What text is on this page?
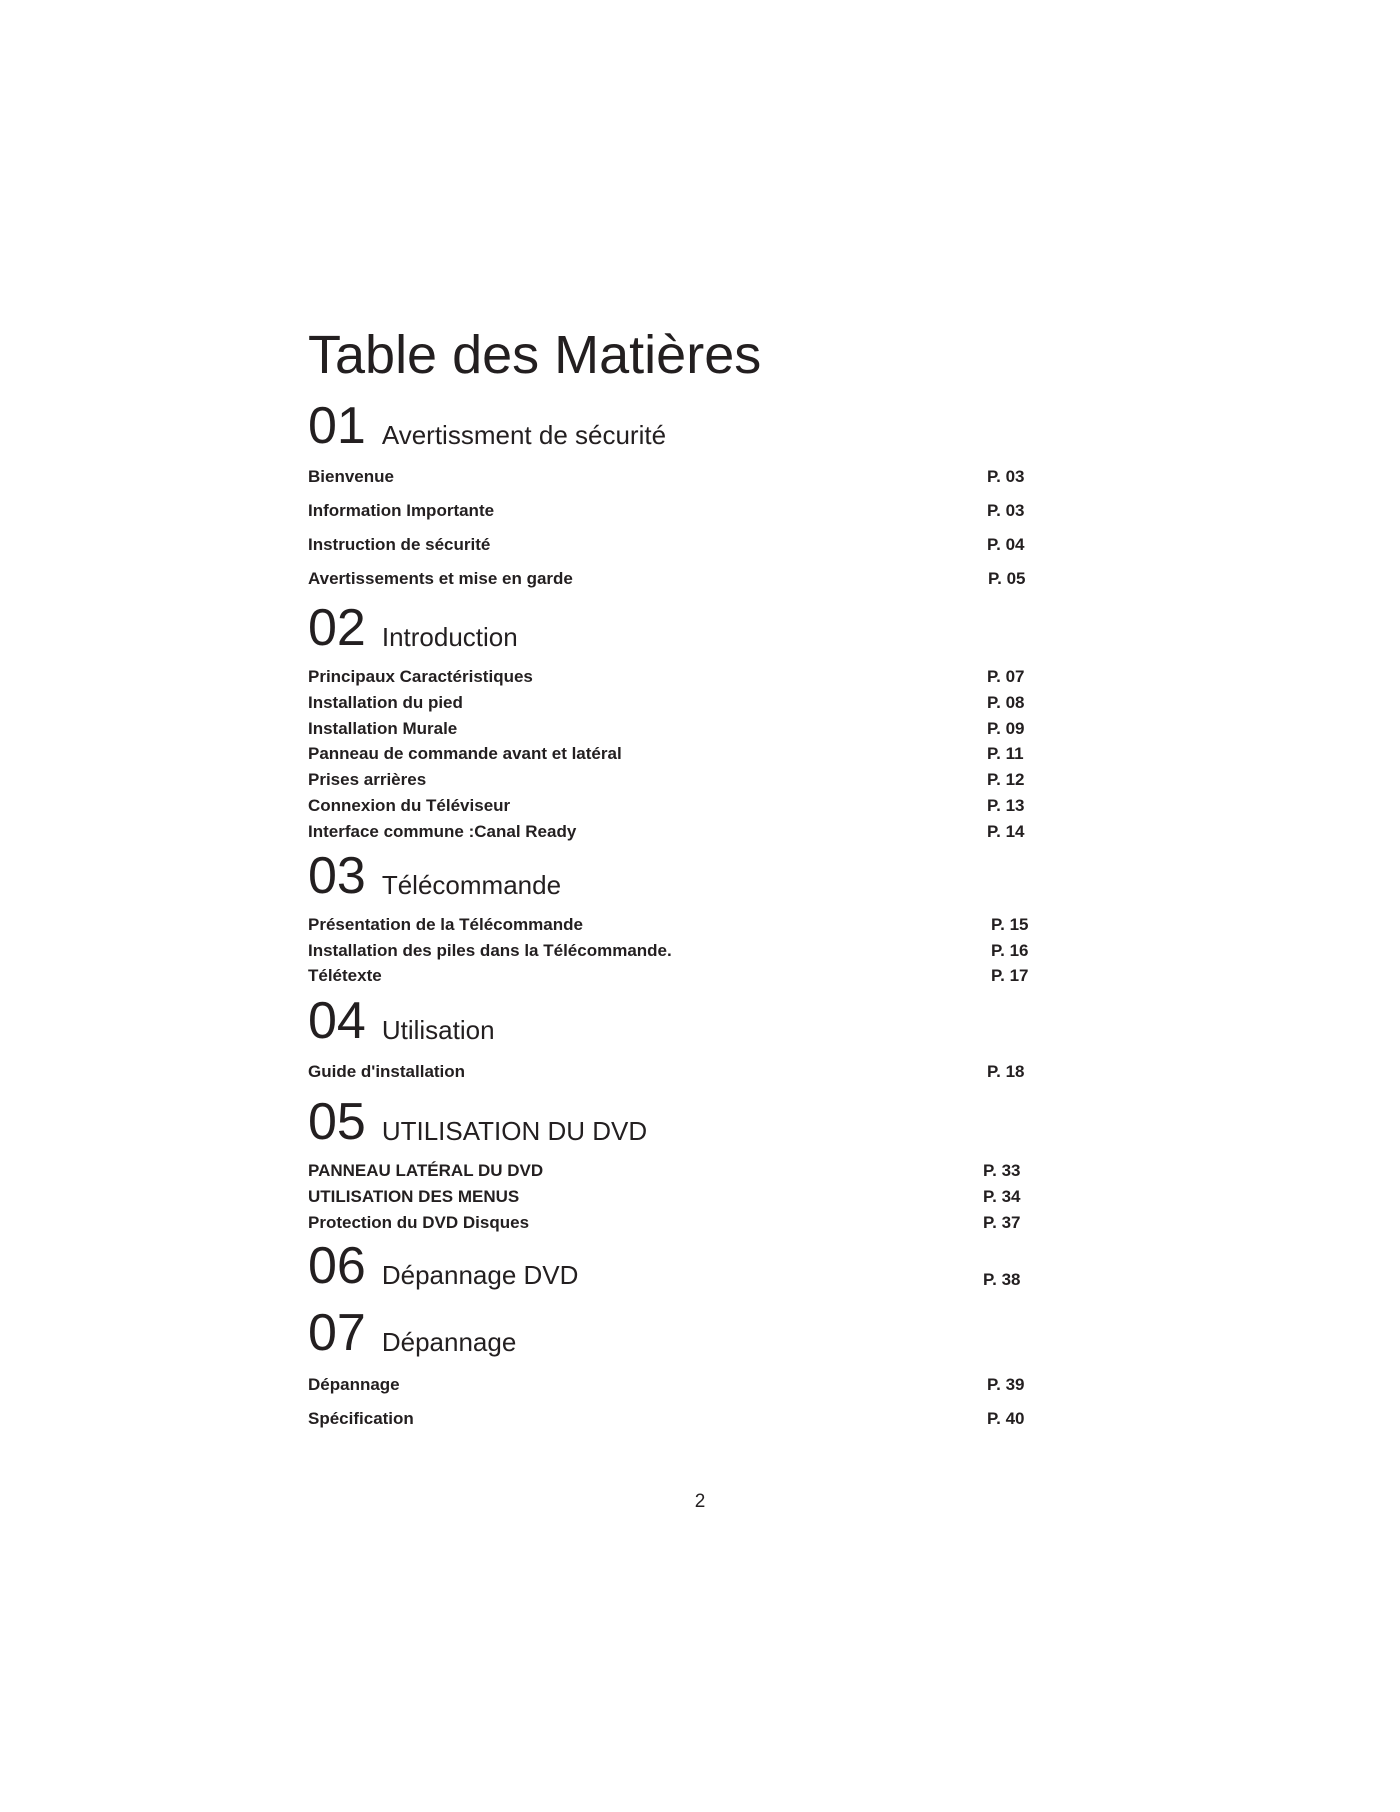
Table des Matières
01 Avertissment de sécurité
Bienvenue	P. 03
Information Importante	P. 03
Instruction de sécurité	P. 04
Avertissements et mise en garde	P. 05
02 Introduction
Principaux Caractéristiques	P. 07
Installation du pied	P. 08
Installation Murale	P. 09
Panneau de commande avant et latéral	P. 11
Prises arrières	P. 12
Connexion du Téléviseur	P. 13
Interface commune :Canal Ready	P. 14
03 Télécommande
Présentation de la Télécommande	P. 15
Installation des piles dans la Télécommande.	P. 16
Télétexte	P. 17
04 Utilisation
Guide d'installation	P. 18
05 UTILISATION DU DVD
PANNEAU LATÉRAL DU DVD	P. 33
UTILISATION DES MENUS	P. 34
Protection du DVD Disques	P. 37
06 Dépannage DVD	P. 38
07 Dépannage
Dépannage	P. 39
Spécification	P. 40
2
